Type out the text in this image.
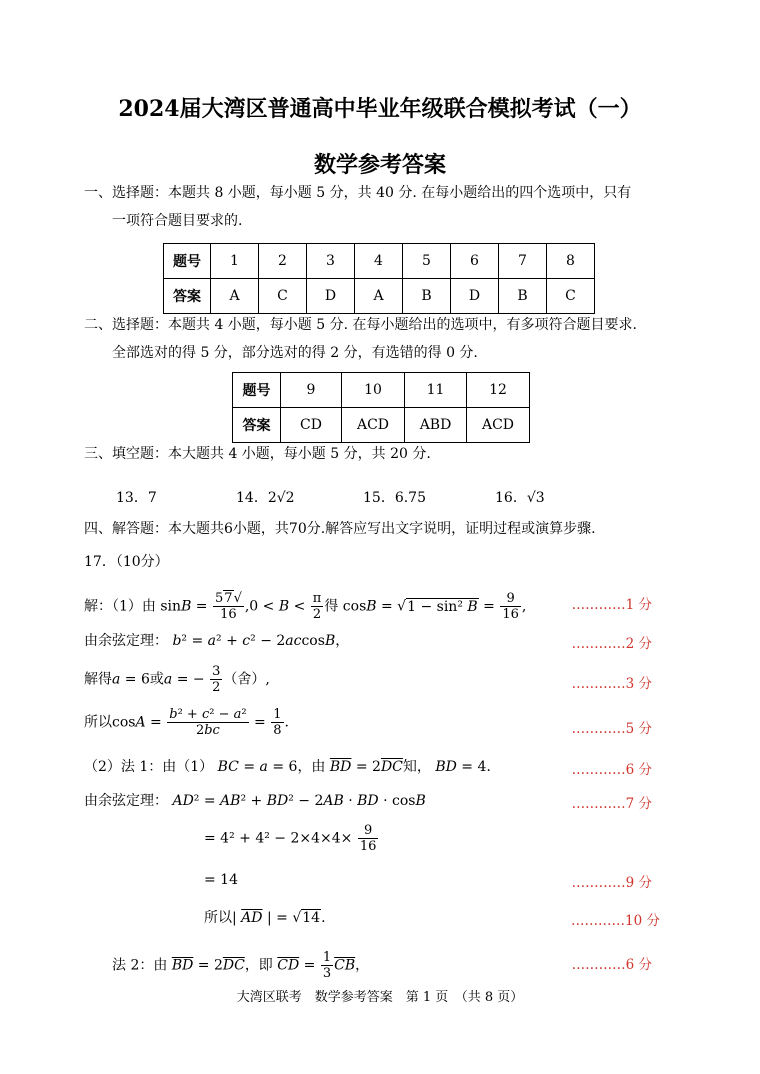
2024届大湾区普通高中毕业年级联合模拟考试（一）
数学参考答案
一、选择题：本题共 8 小题，每小题 5 分，共 40 分. 在每小题给出的四个选项中，只有
一项符合题目要求的.
题号	1	2	3	4	5	6	7	8
答案	A	C	D	A	B	D	B	C
二、选择题：本题共 4 小题，每小题 5 分. 在每小题给出的选项中，有多项符合题目要求.
全部选对的得 5 分，部分选对的得 2 分，有选错的得 0 分.
题号	9	10	11	12
答案	CD	ACD	ABD	ACD
三、填空题：本大题共 4 小题，每小题 5 分，共 20 分.
13．7	14．2√2	15．6.75	16．√3
四、解答题：本大题共6小题，共70分.解答应写出文字说明，证明过程或演算步骤.
17．（10分）
解：（1）由 $\sin B = \frac{57√}{16} ,0 < B < \frac{\pi}{2}$ 得 cosB = √1 − sin² $B = \frac{9}{16}$ ,	…………1 分
由余弦定理： b² = a² + c² − 2accosB，	…………2 分
解得a = 6或a = − $\frac{3}{2}$ （舍）,	…………3 分
所以$\cos A = \frac{\text{b² + c² − a²}}{2bc} = \frac{1}{8}$ .	…………5 分
（2）法 1：由（1） BC = a = 6，由 $\overline{BD} = 2\overline{DC}$知， BD = 4.	…………6 分
由余弦定理： AD² = AB² + BD² − 2AB · BD · cosB	…………7 分
= $4^2 + 4^2 - 2\times 4\times 4\times \frac{9}{16}$
= 14	…………9 分
所以| $\overline{AD}$ | = √14.	…………10 分
法 2：由 $\overline{BD} = 2\overline{DC}$，即 $\overline{CD} = \frac{1}{3} \overline{CB}$，	…………6 分
大湾区联考　数学参考答案　第 1 页　（共 8 页）
